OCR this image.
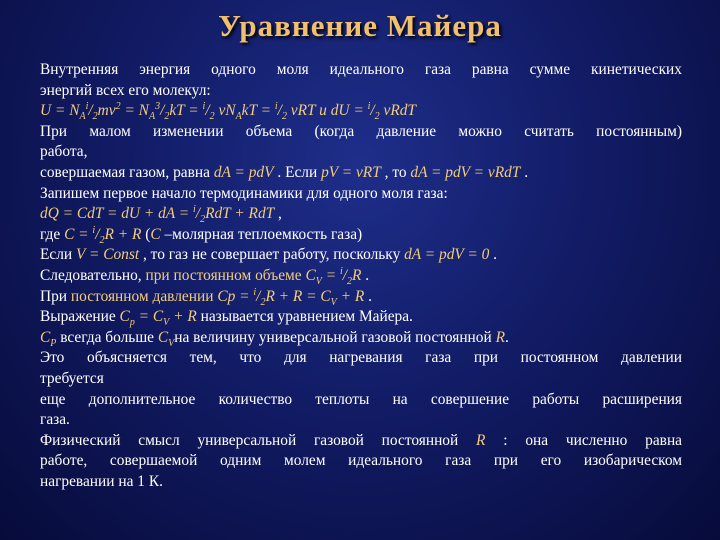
Уравнение Майера
Внутренняя энергия одного моля идеального газа равна сумме кинетических
энергий всех его молекул:
$U = N_A^i/_2mv^2 = N_A^3/_2kT = ^i/_2$ $\nu N_AkT = ^i/_2$ νRT и dU = $^i/_2$ νRdT
При малом изменении объема (когда давление можно считать постоянным)
работа,
совершаемая газом, равна dA = pdV . Если pV = νRT , то dA = pdV = νRdT .
Запишем первое начало термодинамики для одного моля газа:
dQ = CdT = dU + dA = $^i/_2RdT$ + RdT ,
где $C = ^i/_2R + R$ (C –молярная теплоемкость газа)
Если V = Const , то газ не совершает работу, поскольку dA = pdV = 0 .
Следовательно, при постоянном объеме $C_V = ^i/_2R$ .
При постоянном давлении $Cp = ^i/_2R + R = C_V + R$ .
Выражение $C_p = C_V + R$ называется уравнением Майера.
$C_P$ всегда больше $C_Vна$ величину универсальной газовой постоянной R.
Это объясняется тем, что для нагревания газа при постоянном давлении
требуется
еще дополнительное количество теплоты на совершение работы расширения
газа.
Физический смысл универсальной газовой постоянной R : она численно равна
работе, совершаемой одним молем идеального газа при его изобарическом
нагревании на 1 К.
